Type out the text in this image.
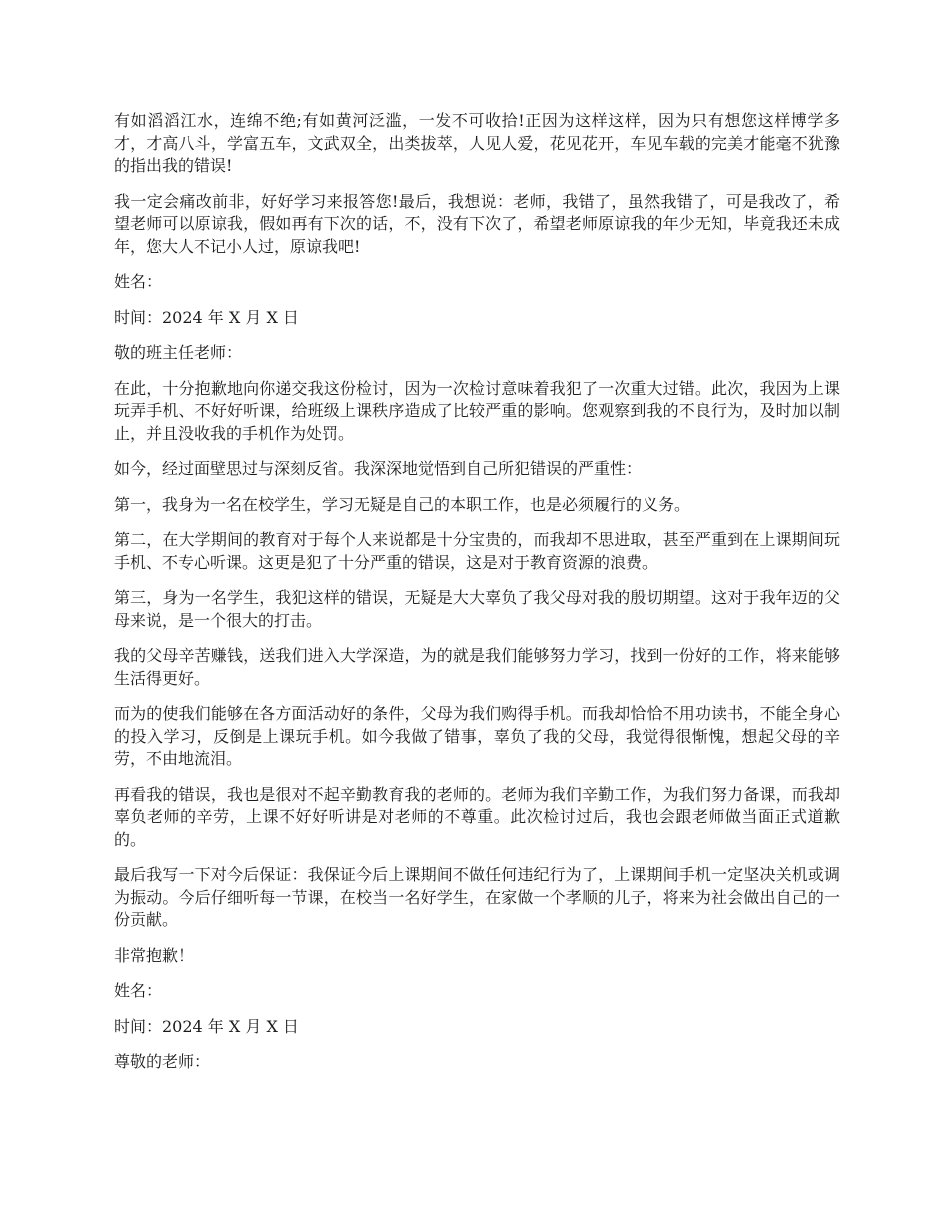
有如滔滔江水，连绵不绝;有如黄河泛滥，一发不可收拾!正因为这样这样，因为只有想您这样博学多才，才高八斗，学富五车，文武双全，出类拔萃，人见人爱，花见花开，车见车载的完美才能毫不犹豫的指出我的错误!

我一定会痛改前非，好好学习来报答您!最后，我想说：老师，我错了，虽然我错了，可是我改了，希望老师可以原谅我，假如再有下次的话，不，没有下次了，希望老师原谅我的年少无知，毕竟我还未成年，您大人不记小人过，原谅我吧!

姓名：

时间：2024 年 X 月 X 日

敬的班主任老师：

在此，十分抱歉地向你递交我这份检讨，因为一次检讨意味着我犯了一次重大过错。此次，我因为上课玩弄手机、不好好听课，给班级上课秩序造成了比较严重的影响。您观察到我的不良行为，及时加以制止，并且没收我的手机作为处罚。

如今，经过面壁思过与深刻反省。我深深地觉悟到自己所犯错误的严重性：

第一，我身为一名在校学生，学习无疑是自己的本职工作，也是必须履行的义务。

第二，在大学期间的教育对于每个人来说都是十分宝贵的，而我却不思进取，甚至严重到在上课期间玩手机、不专心听课。这更是犯了十分严重的错误，这是对于教育资源的浪费。

第三，身为一名学生，我犯这样的错误，无疑是大大辜负了我父母对我的殷切期望。这对于我年迈的父母来说，是一个很大的打击。

我的父母辛苦赚钱，送我们进入大学深造，为的就是我们能够努力学习，找到一份好的工作，将来能够生活得更好。

而为的使我们能够在各方面活动好的条件，父母为我们购得手机。而我却恰恰不用功读书，不能全身心的投入学习，反倒是上课玩手机。如今我做了错事，辜负了我的父母，我觉得很惭愧，想起父母的辛劳，不由地流泪。

再看我的错误，我也是很对不起辛勤教育我的老师的。老师为我们辛勤工作，为我们努力备课，而我却辜负老师的辛劳，上课不好好听讲是对老师的不尊重。此次检讨过后，我也会跟老师做当面正式道歉的。

最后我写一下对今后保证：我保证今后上课期间不做任何违纪行为了，上课期间手机一定坚决关机或调为振动。今后仔细听每一节课，在校当一名好学生，在家做一个孝顺的儿子，将来为社会做出自己的一份贡献。

非常抱歉！

姓名：

时间：2024 年 X 月 X 日

尊敬的老师：
